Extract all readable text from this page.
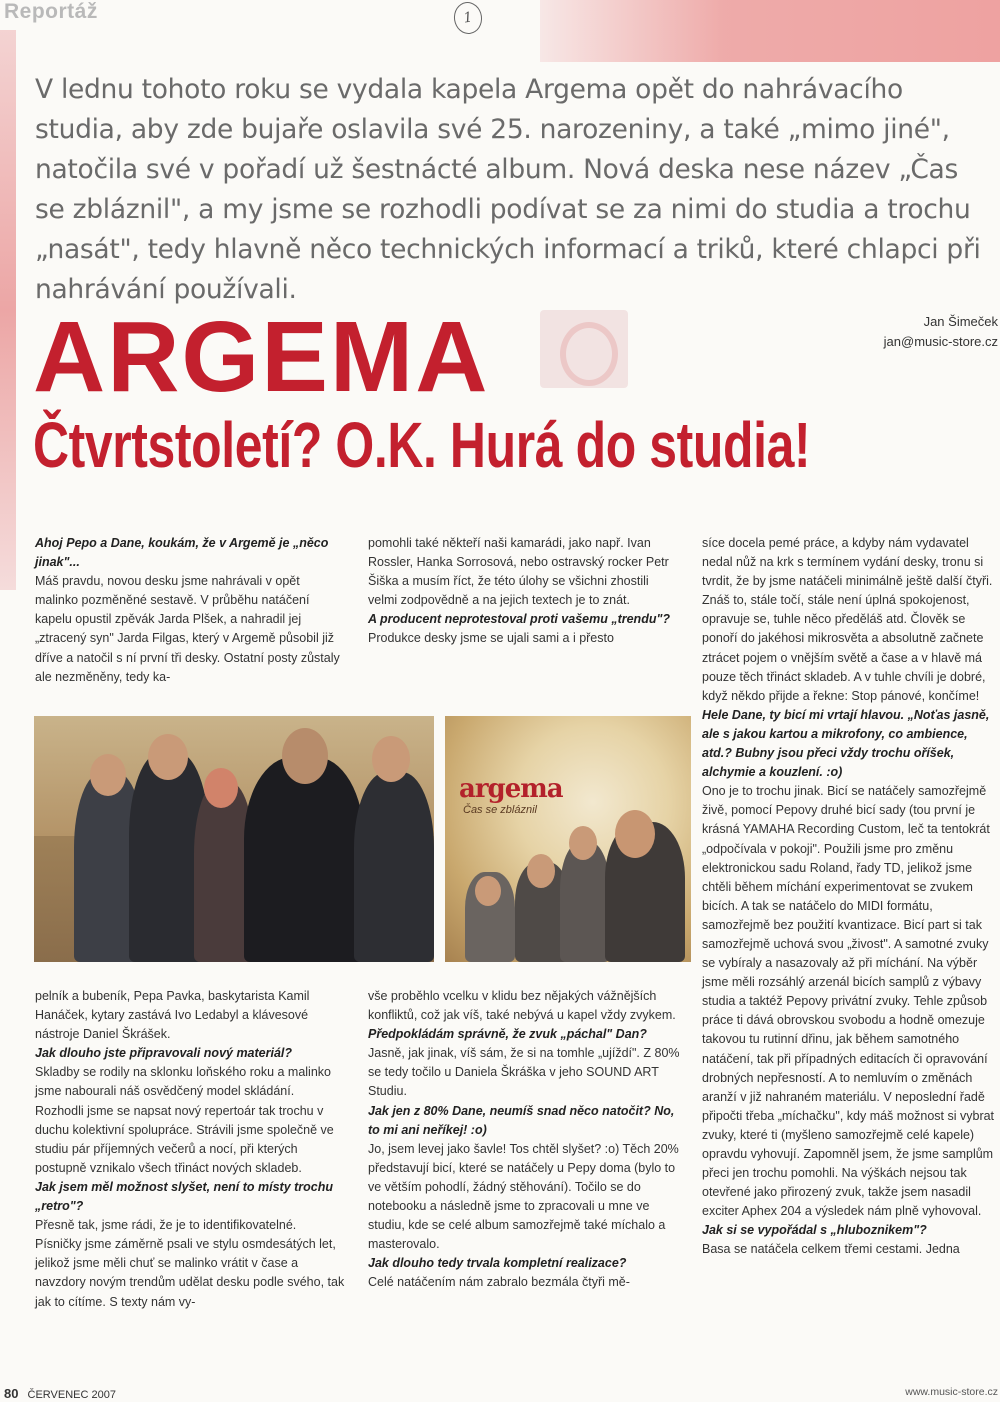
Reportáž	1
V lednu tohoto roku se vydala kapela Argema opět do nahrávacího studia, aby zde bujaře oslavila své 25. narozeniny, a také „mimo jiné", natočila své v pořadí už šestnácté album. Nová deska nese název „Čas se zbláznil", a my jsme se rozhodli podívat se za nimi do studia a trochu „nasát", tedy hlavně něco technických informací a triků, které chlapci při nahrávání používali.
Jan Šimeček
jan@music-store.cz
ARGEMA
Čtvrtstoletí? O.K. Hurá do studia!

Ahoj Pepo a Dane, koukám, že v Argemě je „něco jinak"...

Máš pravdu, novou desku jsme nahrávali v opět malinko pozměněné sestavě. V průběhu natáčení kapelu opustil zpěvák Jarda Plšek, a nahradil jej „ztracený syn" Jarda Filgas, který v Argemě působil již dříve a natočil s ní první tři desky. Ostatní posty zůstaly ale nezměněny, tedy ka-

pomohli také někteří naši kamarádi, jako např. Ivan Rossler, Hanka Sorrosová, nebo ostravský rocker Petr Šiška a musím říct, že této úlohy se všichni zhostili velmi zodpovědně a na jejich textech je to znát.

A producent neprotestoval proti vašemu „trendu"?

Produkce desky jsme se ujali sami a i přesto

pelník a bubeník, Pepa Pavka, baskytarista Kamil Hanáček, kytary zastává Ivo Ledabyl a klávesové nástroje Daniel Škrášek.

Jak dlouho jste připravovali nový materiál?

Skladby se rodily na sklonku loňského roku a malinko jsme nabourali náš osvědčený model skládání. Rozhodli jsme se napsat nový repertoár tak trochu v duchu kolektivní spolupráce. Strávili jsme společně ve studiu pár příjemných večerů a nocí, při kterých postupně vznikalo všech třináct nových skladeb.

Jak jsem měl možnost slyšet, není to místy trochu „retro"?

Přesně tak, jsme rádi, že je to identifikovatelné. Písničky jsme záměrně psali ve stylu osmdesátých let, jelikož jsme měli chuť se malinko vrátit v čase a navzdory novým trendům udělat desku podle svého, tak jak to cítíme. S texty nám vy-

vše proběhlo vcelku v klidu bez nějakých vážnějších konfliktů, což jak víš, také nebývá u kapel vždy zvykem.

Předpokládám správně, že zvuk „páchal" Dan?

Jasně, jak jinak, víš sám, že si na tomhle „ujíždí". Z 80% se tedy točilo u Daniela Škráška v jeho SOUND ART Studiu.

Jak jen z 80% Dane, neumíš snad něco natočit? No, to mi ani neříkej! :o)

Jo, jsem levej jako šavle! Tos chtěl slyšet? :o) Těch 20% představují bicí, které se natáčely u Pepy doma (bylo to ve větším pohodlí, žádný stěhování). Točilo se do notebooku a následně jsme to zpracovali u mne ve studiu, kde se celé album samozřejmě také míchalo a masterovalo.

Jak dlouho tedy trvala kompletní realizace?

Celé natáčením nám zabralo bezmála čtyři mě-

síce docela pemé práce, a kdyby nám vydavatel nedal nůž na krk s termínem vydání desky, tronu si tvrdit, že by jsme natáčeli minimálně ještě další čtyři. Znáš to, stále točí, stále není úplná spokojenost, opravuje se, tuhle něco předěláš atd. Člověk se ponoří do jakéhosi mikrosvěta a absolutně začnete ztrácet pojem o vnějším světě a čase a v hlavě má pouze těch třináct skladeb. A v tuhle chvíli je dobré, když někdo přijde a řekne: Stop pánové, končíme!

Hele Dane, ty bicí mi vrtají hlavou. „Noťas jasně, ale s jakou kartou a mikrofony, co ambience, atd.? Bubny jsou přeci vždy trochu oříšek, alchymie a kouzlení. :o)

Ono je to trochu jinak. Bicí se natáčely samozřejmě živě, pomocí Pepovy druhé bicí sady (tou první je krásná YAMAHA Recording Custom, leč ta tentokrát „odpočívala v pokoji". Použili jsme pro změnu elektronickou sadu Roland, řady TD, jelikož jsme chtěli během míchání experimentovat se zvukem bicích. A tak se natáčelo do MIDI formátu, samozřejmě bez použití kvantizace. Bicí part si tak samozřejmě uchová svou „živost". A samotné zvuky se vybíraly a nasazovaly až při míchání. Na výběr jsme měli rozsáhlý arzenál bicích samplů z výbavy studia a taktéž Pepovy privátní zvuky. Tehle způsob práce ti dává obrovskou svobodu a hodně omezuje takovou tu rutinní dřinu, jak během samotného natáčení, tak při případných editacích či opravování drobných nepřesností. A to nemluvím o změnách aranží v již nahraném materiálu. V neposlední řadě připočti třeba „míchačku", kdy máš možnost si vybrat zvuky, které ti (myšleno samozřejmě celé kapele) opravdu vyhovují. Zapomněl jsem, že jsme samplům přeci jen trochu pomohli. Na výškách nejsou tak otevřené jako přirozený zvuk, takže jsem nasadil exciter Aphex 204 a výsledek nám plně vyhovoval.

Jak si se vypořádal s „hluboznikem"?

Basa se natáčela celkem třemi cestami. Jedna

argema
Čas se zbláznil
80 ČERVENEC 2007	www.music-store.cz
